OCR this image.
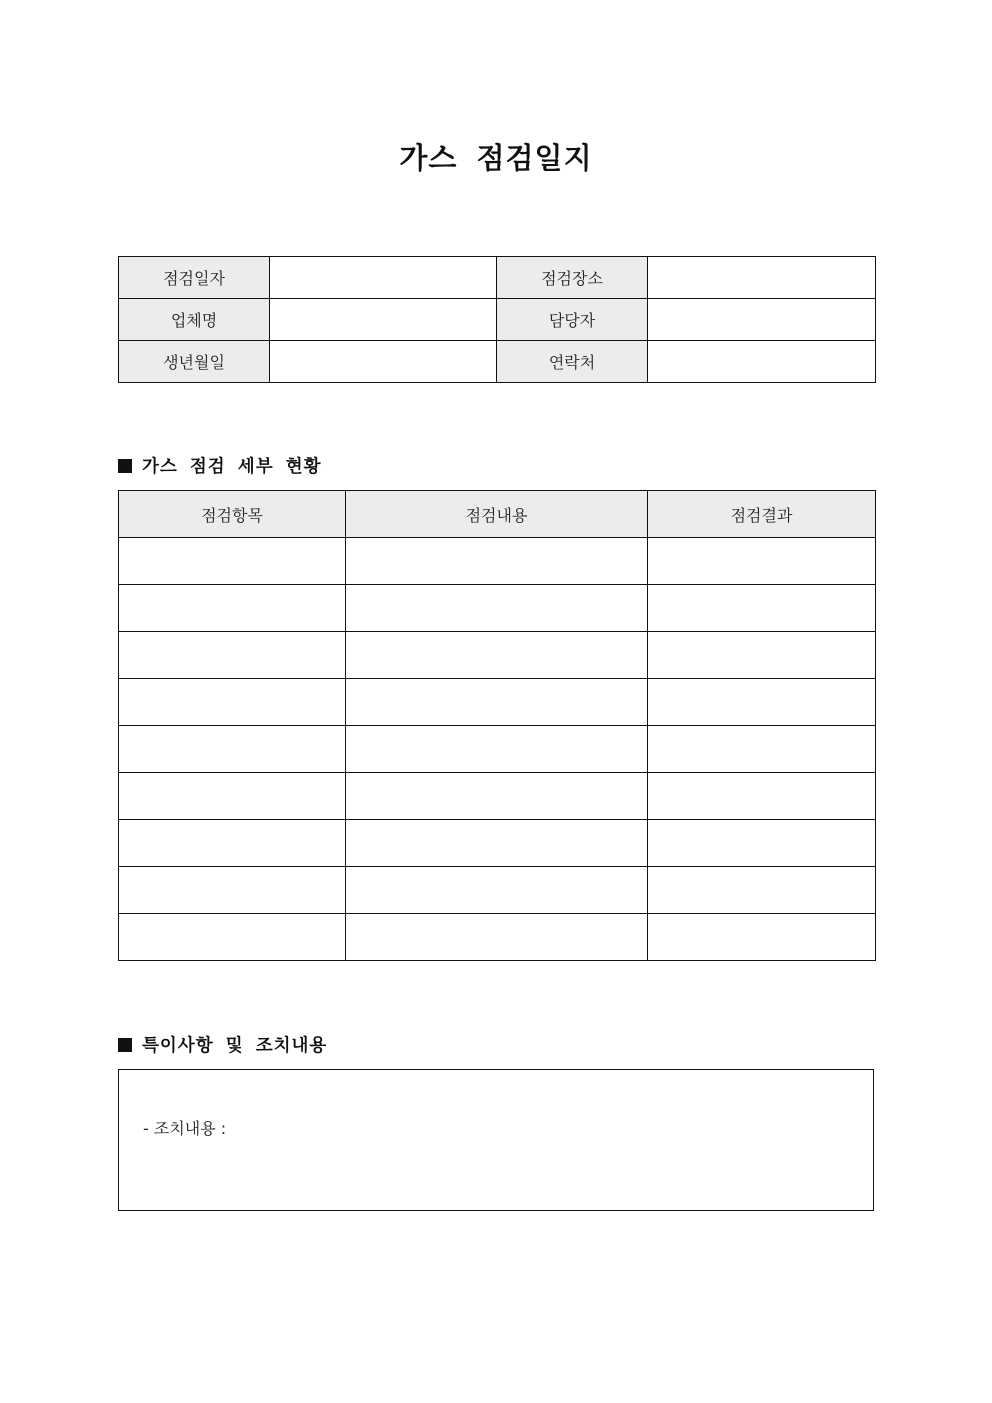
가스 점검일지
점검일자		점검장소	
업체명		담당자	
생년월일		연락처	
가스 점검 세부 현황
점검항목	점검내용	점검결과

특이사항 및 조치내용
- 조치내용 :
